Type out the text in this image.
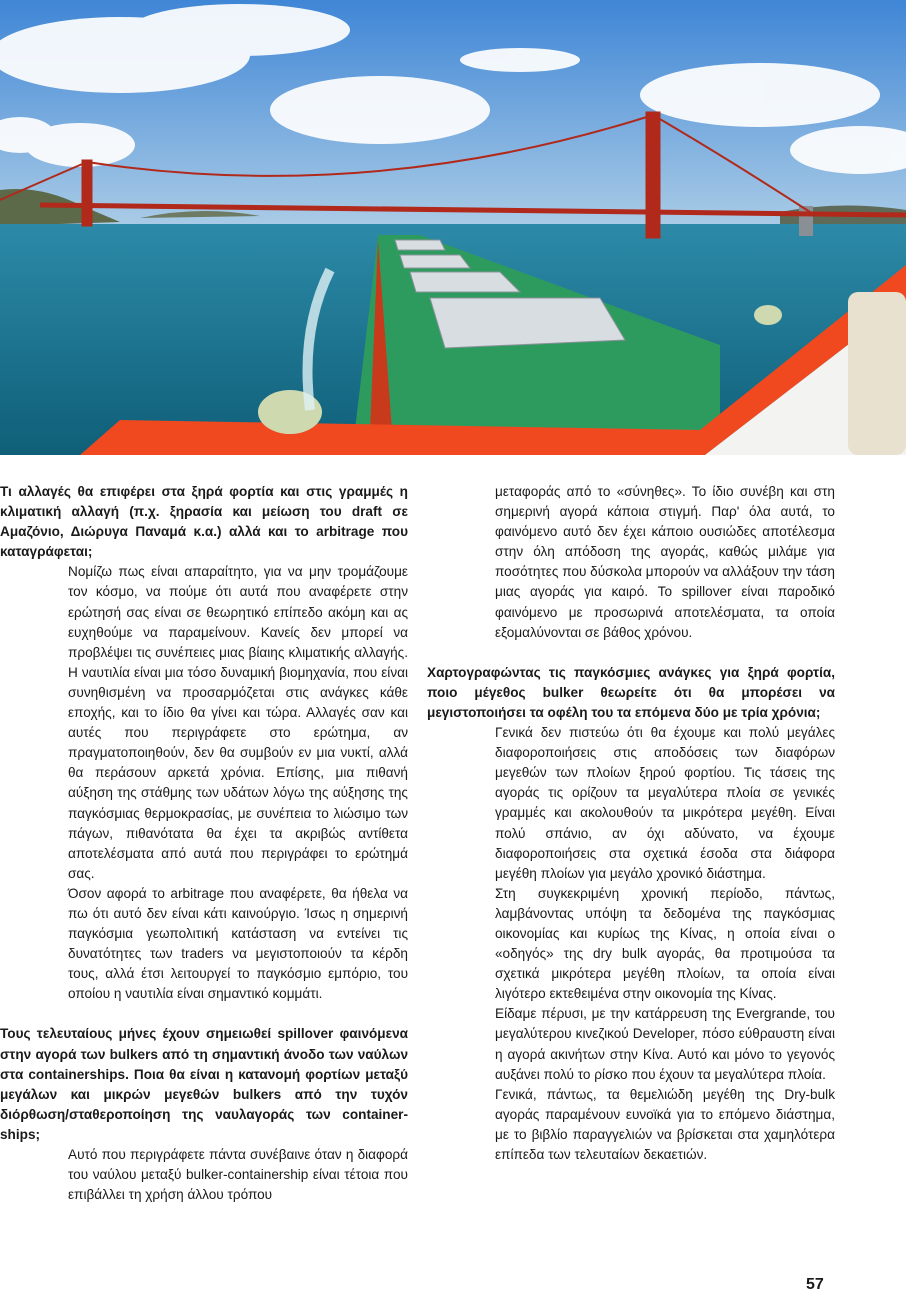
Τι αλλαγές θα επιφέρει στα ξηρά φορτία και στις γραμμές η κλιματική αλλαγή (π.χ. ξηρασία και μείωση του draft σε Αμαζόνιο, Διώρυγα Παναμά κ.α.) αλλά και το arbitrage που καταγράφεται;

Νομίζω πως είναι απαραίτητο, για να μην τρομάζουμε τον κόσμο, να πούμε ότι αυτά που αναφέρετε στην ερώτησή σας είναι σε θεωρητικό επίπεδο ακόμη και ας ευχηθούμε να παραμείνουν. Κανείς δεν μπορεί να προβλέψει τις συνέπειες μιας βίαιης κλιματικής αλλαγής. Η ναυτιλία είναι μια τόσο δυναμική βιομηχανία, που είναι συνηθισμένη να προσαρμόζεται στις ανάγκες κάθε εποχής, και το ίδιο θα γίνει και τώρα. Αλλαγές σαν και αυτές που περιγράφετε στο ερώτημα, αν πραγματοποιηθούν, δεν θα συμβούν εν μια νυκτί, αλλά θα περάσουν αρκετά χρόνια. Επίσης, μια πιθανή αύξηση της στάθμης των υδάτων λόγω της αύξησης της παγκόσμιας θερμοκρασίας, με συνέπεια το λιώσιμο των πάγων, πιθανότατα θα έχει τα ακριβώς αντίθετα αποτελέσματα από αυτά που περιγράφει το ερώτημά σας.

Όσον αφορά το arbitrage που αναφέρετε, θα ήθελα να πω ότι αυτό δεν είναι κάτι καινούργιο. Ίσως η σημερινή παγκόσμια γεωπολιτική κατάσταση να εντείνει τις δυνατότητες των traders να μεγιστοποιούν τα κέρδη τους, αλλά έτσι λειτουργεί το παγκόσμιο εμπόριο, του οποίου η ναυτιλία είναι σημαντικό κομμάτι.

Τους τελευταίους μήνες έχουν σημειωθεί spillover φαινόμενα στην αγορά των bulkers από τη σημαντική άνοδο των ναύλων στα containerships. Ποια θα είναι η κατανομή φορτίων μεταξύ μεγάλων και μικρών μεγεθών bulkers από την τυχόν διόρθωση/σταθεροποίηση της ναυλαγοράς των container-ships;

Αυτό που περιγράφετε πάντα συνέβαινε όταν η διαφορά του ναύλου μεταξύ bulker-containership είναι τέτοια που επιβάλλει τη χρήση άλλου τρόπου

μεταφοράς από το «σύνηθες». Το ίδιο συνέβη και στη σημερινή αγορά κάποια στιγμή. Παρ' όλα αυτά, το φαινόμενο αυτό δεν έχει κάποιο ουσιώδες αποτέλεσμα στην όλη απόδοση της αγοράς, καθώς μιλάμε για ποσότητες που δύσκολα μπορούν να αλλάξουν την τάση μιας αγοράς για καιρό. Το spillover είναι παροδικό φαινόμενο με προσωρινά αποτελέσματα, τα οποία εξομαλύνονται σε βάθος χρόνου.

Χαρτογραφώντας τις παγκόσμιες ανάγκες για ξηρά φορτία, ποιο μέγεθος bulker θεωρείτε ότι θα μπορέσει να μεγιστοποιήσει τα οφέλη του τα επόμενα δύο με τρία χρόνια;

Γενικά δεν πιστεύω ότι θα έχουμε και πολύ μεγάλες διαφοροποιήσεις στις αποδόσεις των διαφόρων μεγεθών των πλοίων ξηρού φορτίου. Τις τάσεις της αγοράς τις ορίζουν τα μεγαλύτερα πλοία σε γενικές γραμμές και ακολουθούν τα μικρότερα μεγέθη. Είναι πολύ σπάνιο, αν όχι αδύνατο, να έχουμε διαφοροποιήσεις στα σχετικά έσοδα στα διάφορα μεγέθη πλοίων για μεγάλο χρονικό διάστημα.

Στη συγκεκριμένη χρονική περίοδο, πάντως, λαμβάνοντας υπόψη τα δεδομένα της παγκόσμιας οικονομίας και κυρίως της Κίνας, η οποία είναι ο «οδηγός» της dry bulk αγοράς, θα προτιμούσα τα σχετικά μικρότερα μεγέθη πλοίων, τα οποία είναι λιγότερο εκτεθειμένα στην οικονομία της Κίνας.

Είδαμε πέρυσι, με την κατάρρευση της Evergrande, του μεγαλύτερου κινεζικού Developer, πόσο εύθραυστη είναι η αγορά ακινήτων στην Κίνα. Αυτό και μόνο το γεγονός αυξάνει πολύ το ρίσκο που έχουν τα μεγαλύτερα πλοία.

Γενικά, πάντως, τα θεμελιώδη μεγέθη της Dry-bulk αγοράς παραμένουν ευνοϊκά για το επόμενο διάστημα, με το βιβλίο παραγγελιών να βρίσκεται στα χαμηλότερα επίπεδα των τελευταίων δεκαετιών.

57
